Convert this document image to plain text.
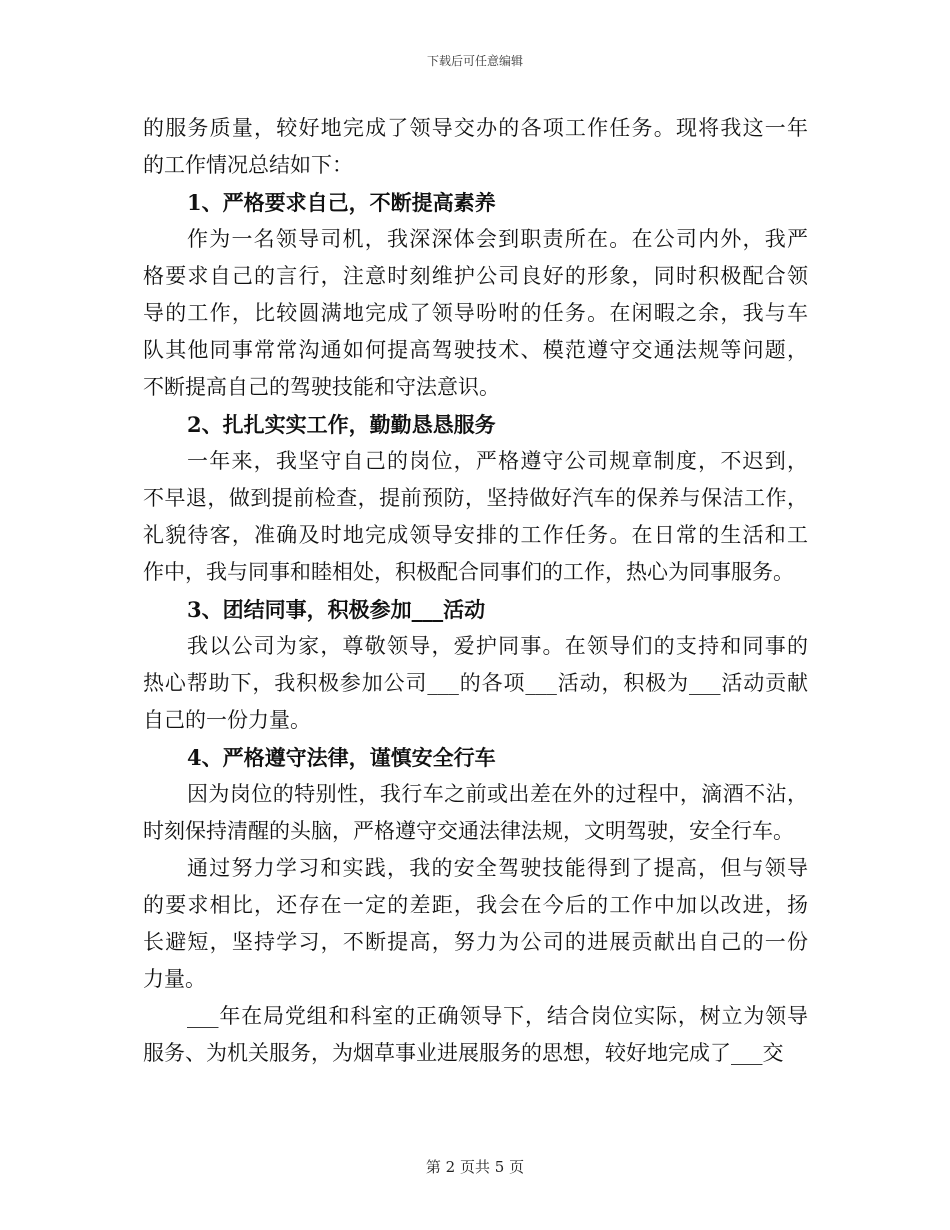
下载后可任意编辑
的服务质量，较好地完成了领导交办的各项工作任务。现将我这一年
的工作情况总结如下：
1、严格要求自己，不断提高素养
作为一名领导司机，我深深体会到职责所在。在公司内外，我严
格要求自己的言行，注意时刻维护公司良好的形象，同时积极配合领
导的工作，比较圆满地完成了领导吩咐的任务。在闲暇之余，我与车
队其他同事常常沟通如何提高驾驶技术、模范遵守交通法规等问题，
不断提高自己的驾驶技能和守法意识。
2、扎扎实实工作，勤勤恳恳服务
一年来，我坚守自己的岗位，严格遵守公司规章制度，不迟到，
不早退，做到提前检查，提前预防，坚持做好汽车的保养与保洁工作，
礼貌待客，准确及时地完成领导安排的工作任务。在日常的生活和工
作中，我与同事和睦相处，积极配合同事们的工作，热心为同事服务。
3、团结同事，积极参加___活动
我以公司为家，尊敬领导，爱护同事。在领导们的支持和同事的
热心帮助下，我积极参加公司___的各项___活动，积极为___活动贡献
自己的一份力量。
4、严格遵守法律，谨慎安全行车
因为岗位的特别性，我行车之前或出差在外的过程中，滴酒不沾，
时刻保持清醒的头脑，严格遵守交通法律法规，文明驾驶，安全行车。
通过努力学习和实践，我的安全驾驶技能得到了提高，但与领导
的要求相比，还存在一定的差距，我会在今后的工作中加以改进，扬
长避短，坚持学习，不断提高，努力为公司的进展贡献出自己的一份
力量。
___年在局党组和科室的正确领导下，结合岗位实际，树立为领导
服务、为机关服务，为烟草事业进展服务的思想，较好地完成了___交
第 2 页共 5 页
